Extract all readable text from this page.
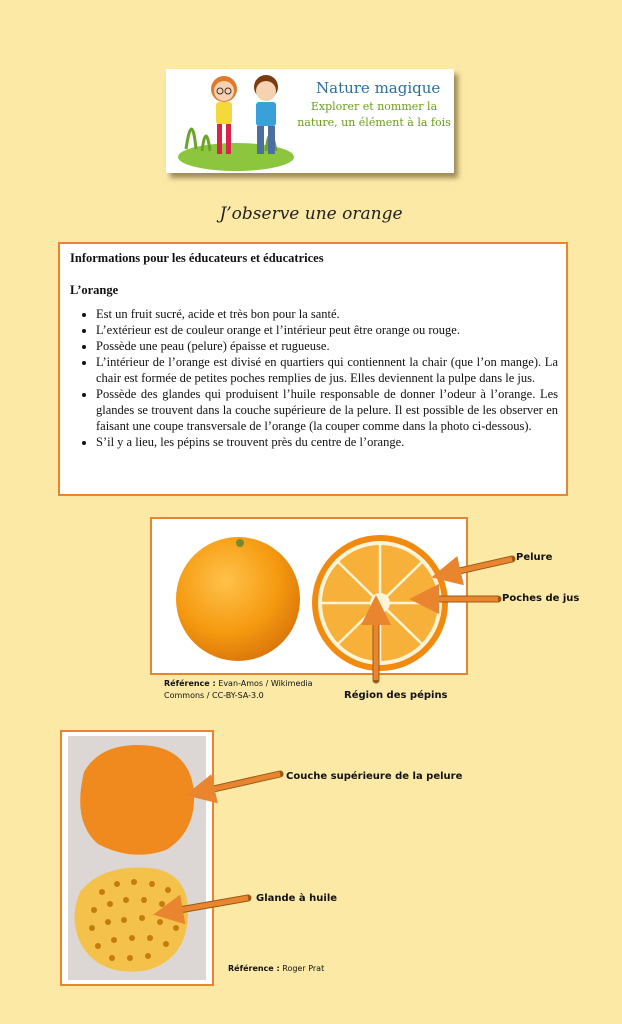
Nature magique
Explorer et nommer la nature, un élément à la fois
J’observe une orange

Informations pour les éducateurs et éducatrices

L’orange

• Est un fruit sucré, acide et très bon pour la santé.
• L’extérieur est de couleur orange et l’intérieur peut être orange ou rouge.
• Possède une peau (pelure) épaisse et rugueuse.
• L’intérieur de l’orange est divisé en quartiers qui contiennent la chair (que l’on mange). La chair est formée de petites poches remplies de jus. Elles deviennent la pulpe dans le jus.
• Possède des glandes qui produisent l’huile responsable de donner l’odeur à l’orange. Les glandes se trouvent dans la couche supérieure de la pelure. Il est possible de les observer en faisant une coupe transversale de l’orange (la couper comme dans la photo ci-dessous).
• S’il y a lieu, les pépins se trouvent près du centre de l’orange.
Pelure
Poches de jus
Région des pépins
Référence : Evan-Amos / Wikimedia Commons / CC-BY-SA-3.0
Couche supérieure de la pelure
Glande à huile
Référence : Roger Prat
